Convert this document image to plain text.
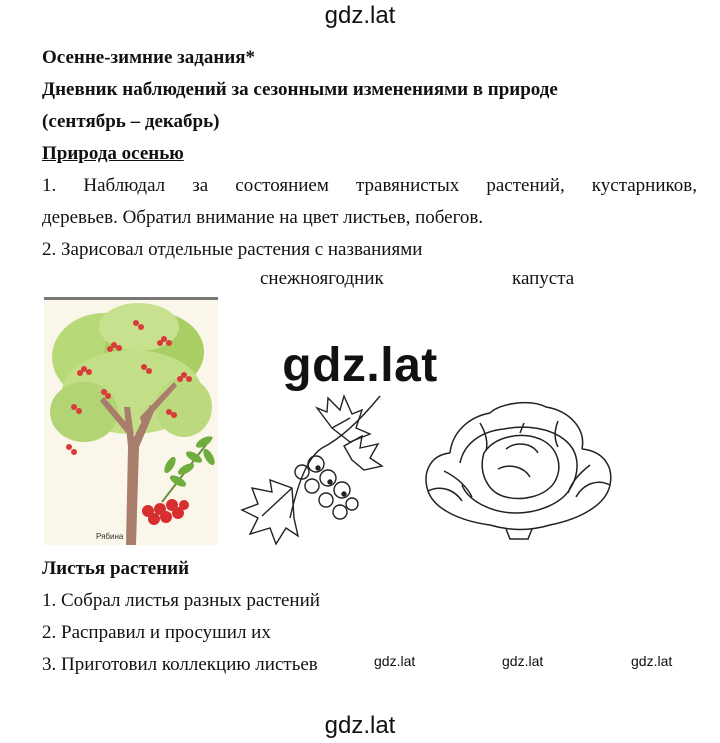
gdz.lat
Осенне-зимние задания*
Дневник наблюдений за сезонными изменениями в природе
(сентябрь – декабрь)
Природа осенью
1. Наблюдал за состоянием травянистых растений, кустарников,
деревьев. Обратил внимание на цвет листьев, побегов.
2. Зарисовал отдельные растения с названиями
снежноягодник	капуста
Рябина
gdz.lat
Листья растений
1. Собрал листья разных растений
2. Расправил и просушил их
3. Приготовил коллекцию листьев	gdz.lat	gdz.lat	gdz.lat
gdz.lat
